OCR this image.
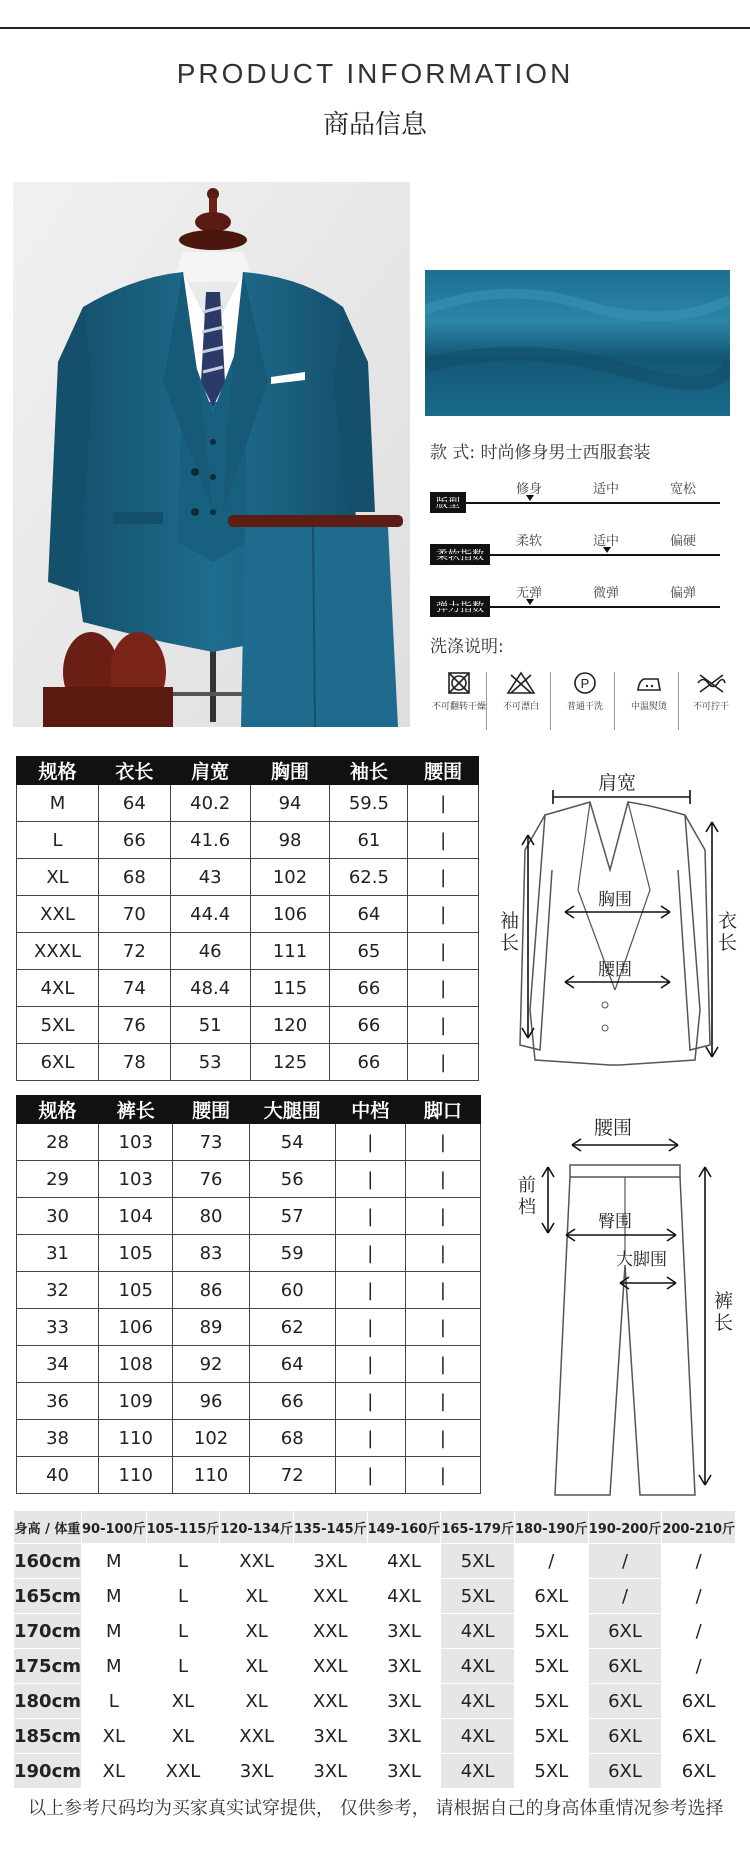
PRODUCT INFORMATION
商品信息
款 式: 时尚修身男士西服套装
修身	适中	宽松
柔软	适中	偏硬
无弹	微弹	偏弹
洗涤说明:
不可翻转干燥	不可漂白
P
普通干洗	中温熨烫	不可拧干
规格	衣长	肩宽	胸围	袖长	腰围
M	64	40.2	94	59.5	|
L	66	41.6	98	61	|
XL	68	43	102	62.5	|
XXL	70	44.4	106	64	|
XXXL	72	46	111	65	|
4XL	74	48.4	115	66	|
5XL	76	51	120	66	|
6XL	78	53	125	66	|
肩宽
胸围
腰围
袖长
衣长
规格	裤长	腰围	大腿围	中档	脚口
28	103	73	54	|	|
29	103	76	56	|	|
30	104	80	57	|	|
31	105	83	59	|	|
32	105	86	60	|	|
33	106	89	62	|	|
34	108	92	64	|	|
36	109	96	66	|	|
38	110	102	68	|	|
40	110	110	72	|	|
腰围
前档
臀围
大脚围
裤长
身高 / 体重	90-100斤	105-115斤	120-134斤	135-145斤	149-160斤	165-179斤	180-190斤	190-200斤	200-210斤
160cm	M	L	XXL	3XL	4XL	5XL	/	/	/
165cm	M	L	XL	XXL	4XL	5XL	6XL	/	/
170cm	M	L	XL	XXL	3XL	4XL	5XL	6XL	/
175cm	M	L	XL	XXL	3XL	4XL	5XL	6XL	/
180cm	L	XL	XL	XXL	3XL	4XL	5XL	6XL	6XL
185cm	XL	XL	XXL	3XL	3XL	4XL	5XL	6XL	6XL
190cm	XL	XXL	3XL	3XL	3XL	4XL	5XL	6XL	6XL
以上参考尺码均为买家真实试穿提供， 仅供参考， 请根据自己的身高体重情况参考选择
